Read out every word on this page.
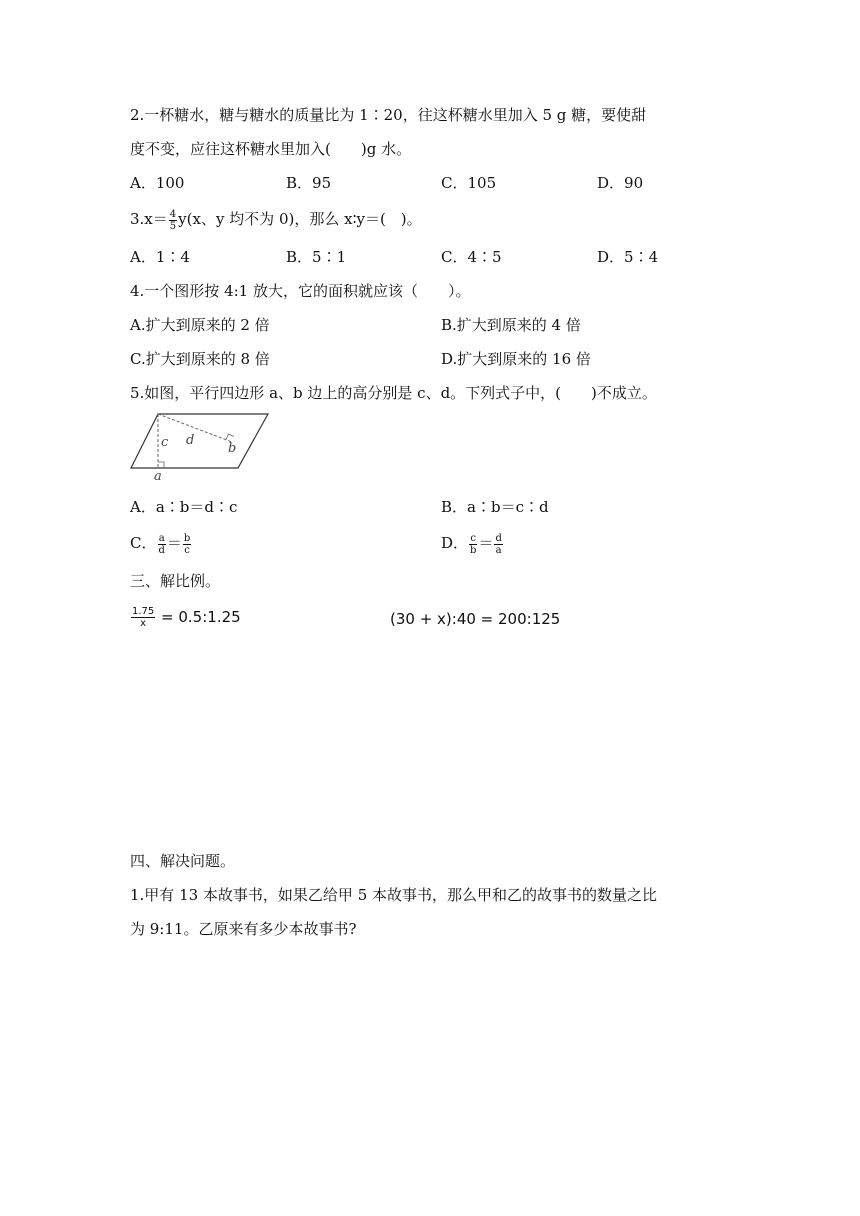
2.一杯糖水，糖与糖水的质量比为 1∶20，往这杯糖水里加入 5 g 糖，要使甜
度不变，应往这杯糖水里加入(　　)g 水。
A．100	B．95	C．105	D．90
$3.x= \frac{4}{5} y(x$、y 均不为 0)，那么 x∶y＝(　)。
A．1∶4	B．5∶1	C．4∶5	D．5∶4
4.一个图形按 4:1 放大，它的面积就应该（　　）。
A.扩大到原来的 2 倍	B.扩大到原来的 4 倍
C.扩大到原来的 8 倍	D.扩大到原来的 16 倍
5.如图，平行四边形 a、b 边上的高分别是 c、d。下列式子中，(　　)不成立。
c d
b
a
A．a∶b＝d∶c	B．a∶b＝c∶d
C． $\frac{a}{d} = \frac{b}{c}$	D． $\frac{c}{b} = \frac{d}{a}$
三、解比例。
$\frac{1.75}{x}$ = 0.5:1.25	(30 + x):40 = 200:125
四、解决问题。
1.甲有 13 本故事书，如果乙给甲 5 本故事书，那么甲和乙的故事书的数量之比
为 9:11。乙原来有多少本故事书?
